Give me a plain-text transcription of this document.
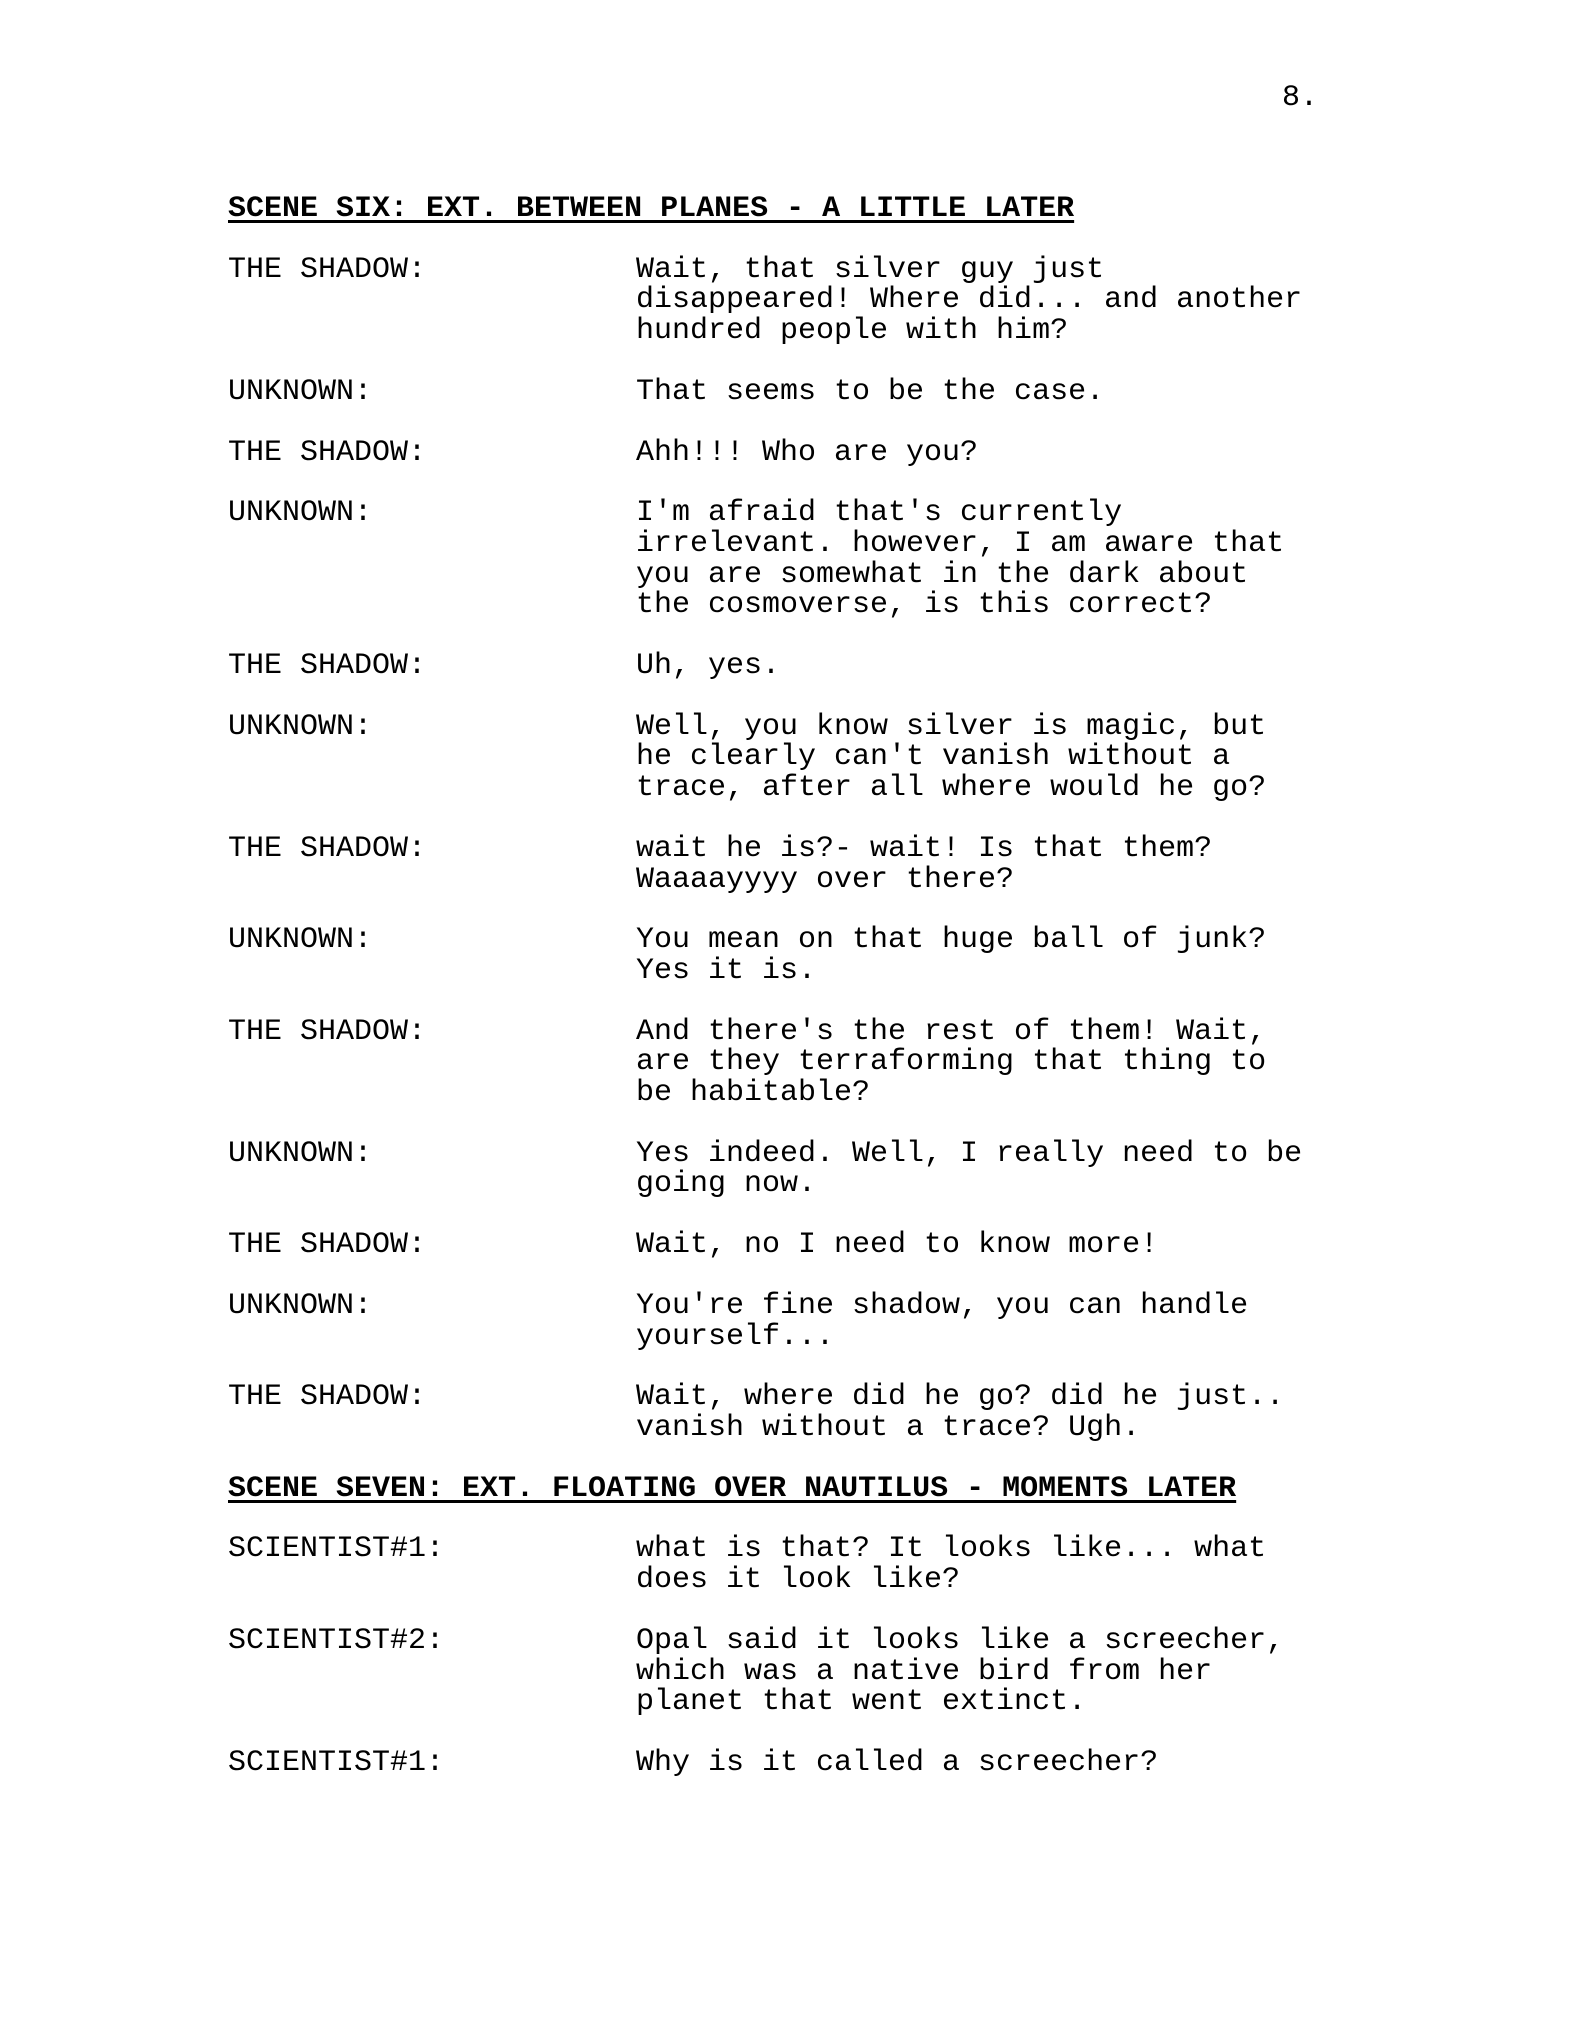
8.
SCENE SIX: EXT. BETWEEN PLANES - A LITTLE LATER
THE SHADOW:	Wait, that silver guy just disappeared! Where did... and another hundred people with him?
UNKNOWN:	That seems to be the case.
THE SHADOW:	Ahh!!! Who are you?
UNKNOWN:	I'm afraid that's currently irrelevant. however, I am aware that you are somewhat in the dark about the cosmoverse, is this correct?
THE SHADOW:	Uh, yes.
UNKNOWN:	Well, you know silver is magic, but he clearly can't vanish without a trace, after all where would he go?
THE SHADOW:	wait he is?- wait! Is that them? Waaaayyyy over there?
UNKNOWN:	You mean on that huge ball of junk? Yes it is.
THE SHADOW:	And there's the rest of them! Wait, are they terraforming that thing to be habitable?
UNKNOWN:	Yes indeed. Well, I really need to be going now.
THE SHADOW:	Wait, no I need to know more!
UNKNOWN:	You're fine shadow, you can handle yourself...
THE SHADOW:	Wait, where did he go? did he just.. vanish without a trace? Ugh.
SCENE SEVEN: EXT. FLOATING OVER NAUTILUS - MOMENTS LATER
SCIENTIST#1:	what is that? It looks like... what does it look like?
SCIENTIST#2:	Opal said it looks like a screecher, which was a native bird from her planet that went extinct.
SCIENTIST#1:	Why is it called a screecher?
